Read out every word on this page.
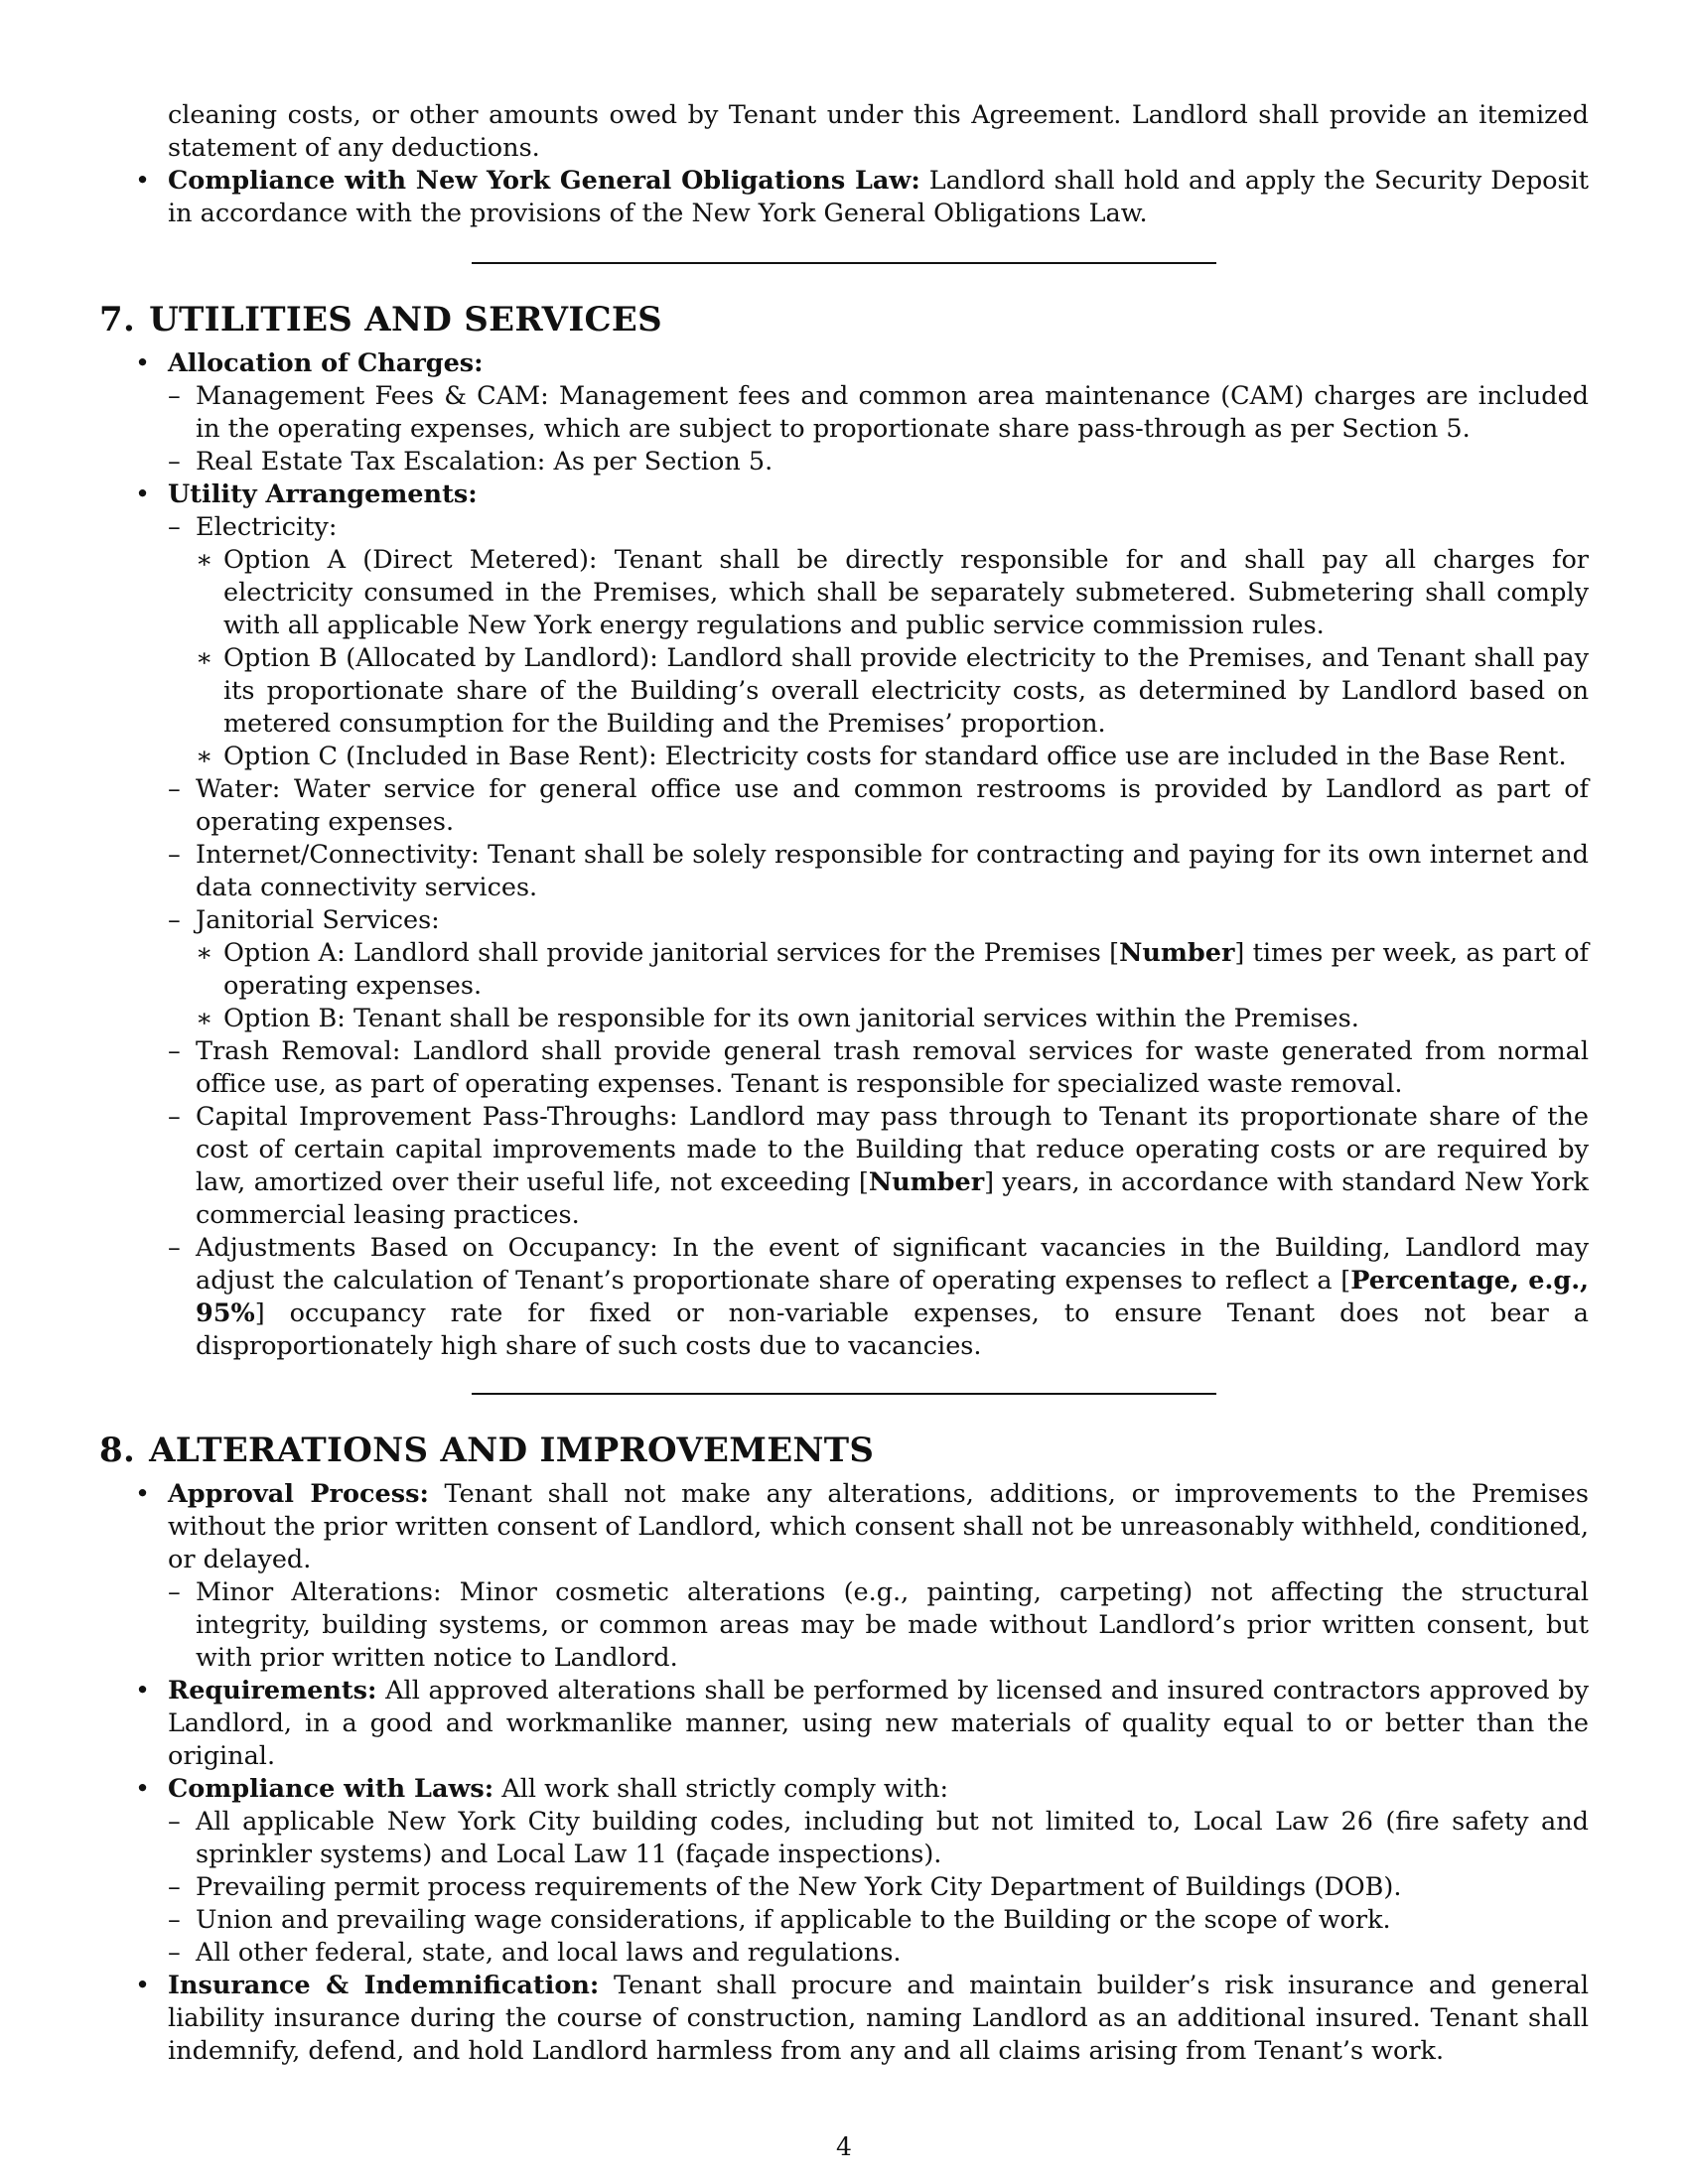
cleaning costs, or other amounts owed by Tenant under this Agreement. Landlord shall provide an itemized statement of any deductions.
• Compliance with New York General Obligations Law: Landlord shall hold and apply the Security Deposit in accordance with the provisions of the New York General Obligations Law.
7. UTILITIES AND SERVICES
• Allocation of Charges:
– Management Fees & CAM: Management fees and common area maintenance (CAM) charges are included in the operating expenses, which are subject to proportionate share pass-through as per Section 5.
– Real Estate Tax Escalation: As per Section 5.
• Utility Arrangements:
– Electricity:
∗ Option A (Direct Metered): Tenant shall be directly responsible for and shall pay all charges for electricity consumed in the Premises, which shall be separately submetered. Submetering shall comply with all applicable New York energy regulations and public service commission rules.
∗ Option B (Allocated by Landlord): Landlord shall provide electricity to the Premises, and Tenant shall pay its proportionate share of the Building’s overall electricity costs, as determined by Landlord based on metered consumption for the Building and the Premises’ proportion.
∗ Option C (Included in Base Rent): Electricity costs for standard office use are included in the Base Rent.
– Water: Water service for general office use and common restrooms is provided by Landlord as part of operating expenses.
– Internet/Connectivity: Tenant shall be solely responsible for contracting and paying for its own internet and data connectivity services.
– Janitorial Services:
∗ Option A: Landlord shall provide janitorial services for the Premises [Number] times per week, as part of operating expenses.
∗ Option B: Tenant shall be responsible for its own janitorial services within the Premises.
– Trash Removal: Landlord shall provide general trash removal services for waste generated from normal office use, as part of operating expenses. Tenant is responsible for specialized waste removal.
– Capital Improvement Pass-Throughs: Landlord may pass through to Tenant its proportionate share of the cost of certain capital improvements made to the Building that reduce operating costs or are required by law, amortized over their useful life, not exceeding [Number] years, in accordance with standard New York commercial leasing practices.
– Adjustments Based on Occupancy: In the event of significant vacancies in the Building, Landlord may adjust the calculation of Tenant’s proportionate share of operating expenses to reflect a [Percentage, e.g., 95%] occupancy rate for fixed or non-variable expenses, to ensure Tenant does not bear a disproportionately high share of such costs due to vacancies.
8. ALTERATIONS AND IMPROVEMENTS
• Approval Process: Tenant shall not make any alterations, additions, or improvements to the Premises without the prior written consent of Landlord, which consent shall not be unreasonably withheld, conditioned, or delayed.
– Minor Alterations: Minor cosmetic alterations (e.g., painting, carpeting) not affecting the structural integrity, building systems, or common areas may be made without Landlord’s prior written consent, but with prior written notice to Landlord.
• Requirements: All approved alterations shall be performed by licensed and insured contractors approved by Landlord, in a good and workmanlike manner, using new materials of quality equal to or better than the original.
• Compliance with Laws: All work shall strictly comply with:
– All applicable New York City building codes, including but not limited to, Local Law 26 (fire safety and sprinkler systems) and Local Law 11 (façade inspections).
– Prevailing permit process requirements of the New York City Department of Buildings (DOB).
– Union and prevailing wage considerations, if applicable to the Building or the scope of work.
– All other federal, state, and local laws and regulations.
• Insurance & Indemnification: Tenant shall procure and maintain builder’s risk insurance and general liability insurance during the course of construction, naming Landlord as an additional insured. Tenant shall indemnify, defend, and hold Landlord harmless from any and all claims arising from Tenant’s work.
4
